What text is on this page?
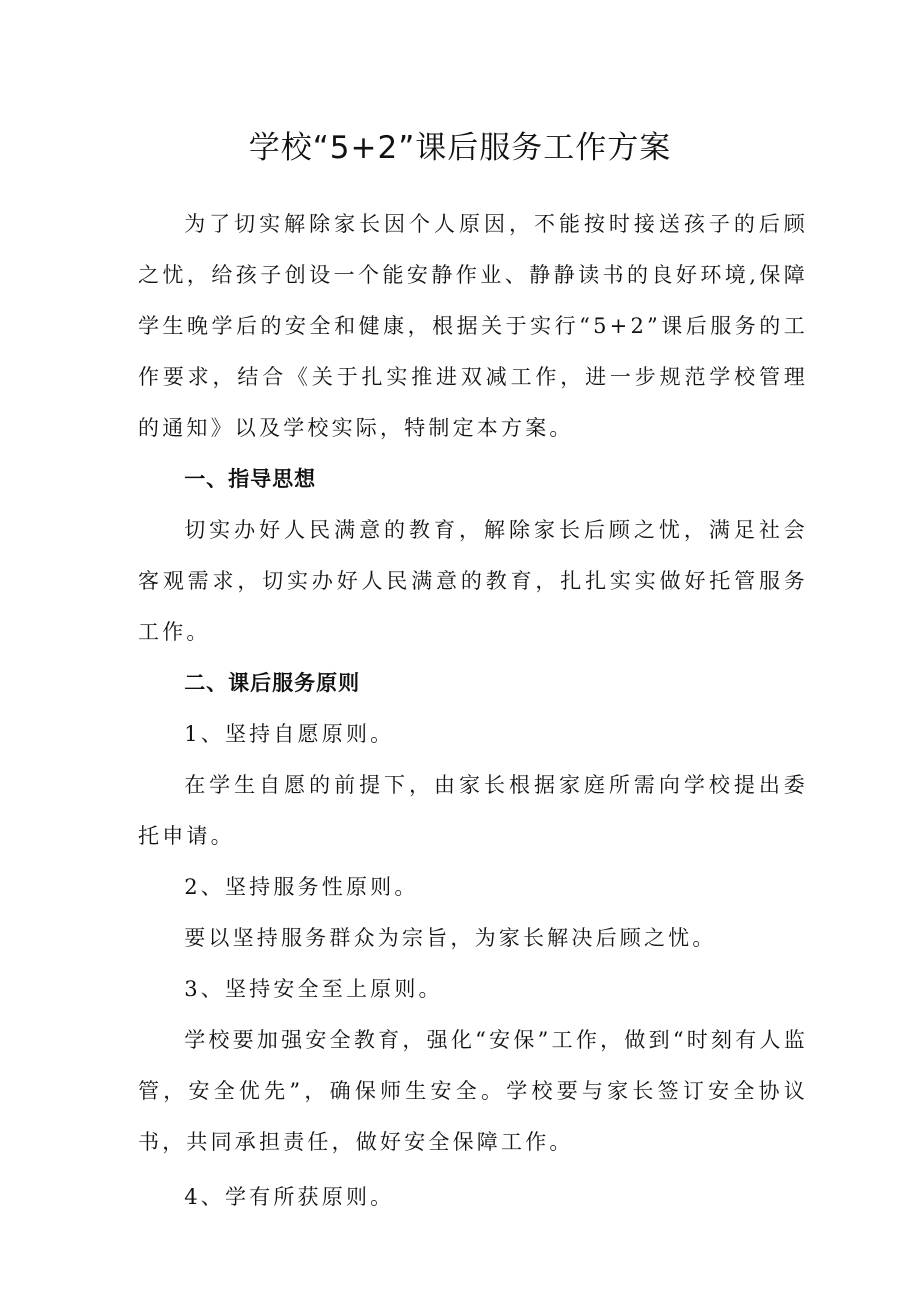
学校“5+2”课后服务工作方案

为了切实解除家长因个人原因，不能按时接送孩子的后顾之忧，给孩子创设一个能安静作业、静静读书的良好环境,保障学生晚学后的安全和健康，根据关于实行“5+2”课后服务的工作要求，结合《关于扎实推进双减工作，进一步规范学校管理的通知》以及学校实际，特制定本方案。

一、指导思想

切实办好人民满意的教育，解除家长后顾之忧，满足社会客观需求，切实办好人民满意的教育，扎扎实实做好托管服务工作。

二、课后服务原则

1、坚持自愿原则。

在学生自愿的前提下，由家长根据家庭所需向学校提出委托申请。

2、坚持服务性原则。

要以坚持服务群众为宗旨，为家长解决后顾之忧。

3、坚持安全至上原则。

学校要加强安全教育，强化“安保”工作，做到“时刻有人监管，安全优先”，确保师生安全。学校要与家长签订安全协议书，共同承担责任，做好安全保障工作。

4、学有所获原则。
